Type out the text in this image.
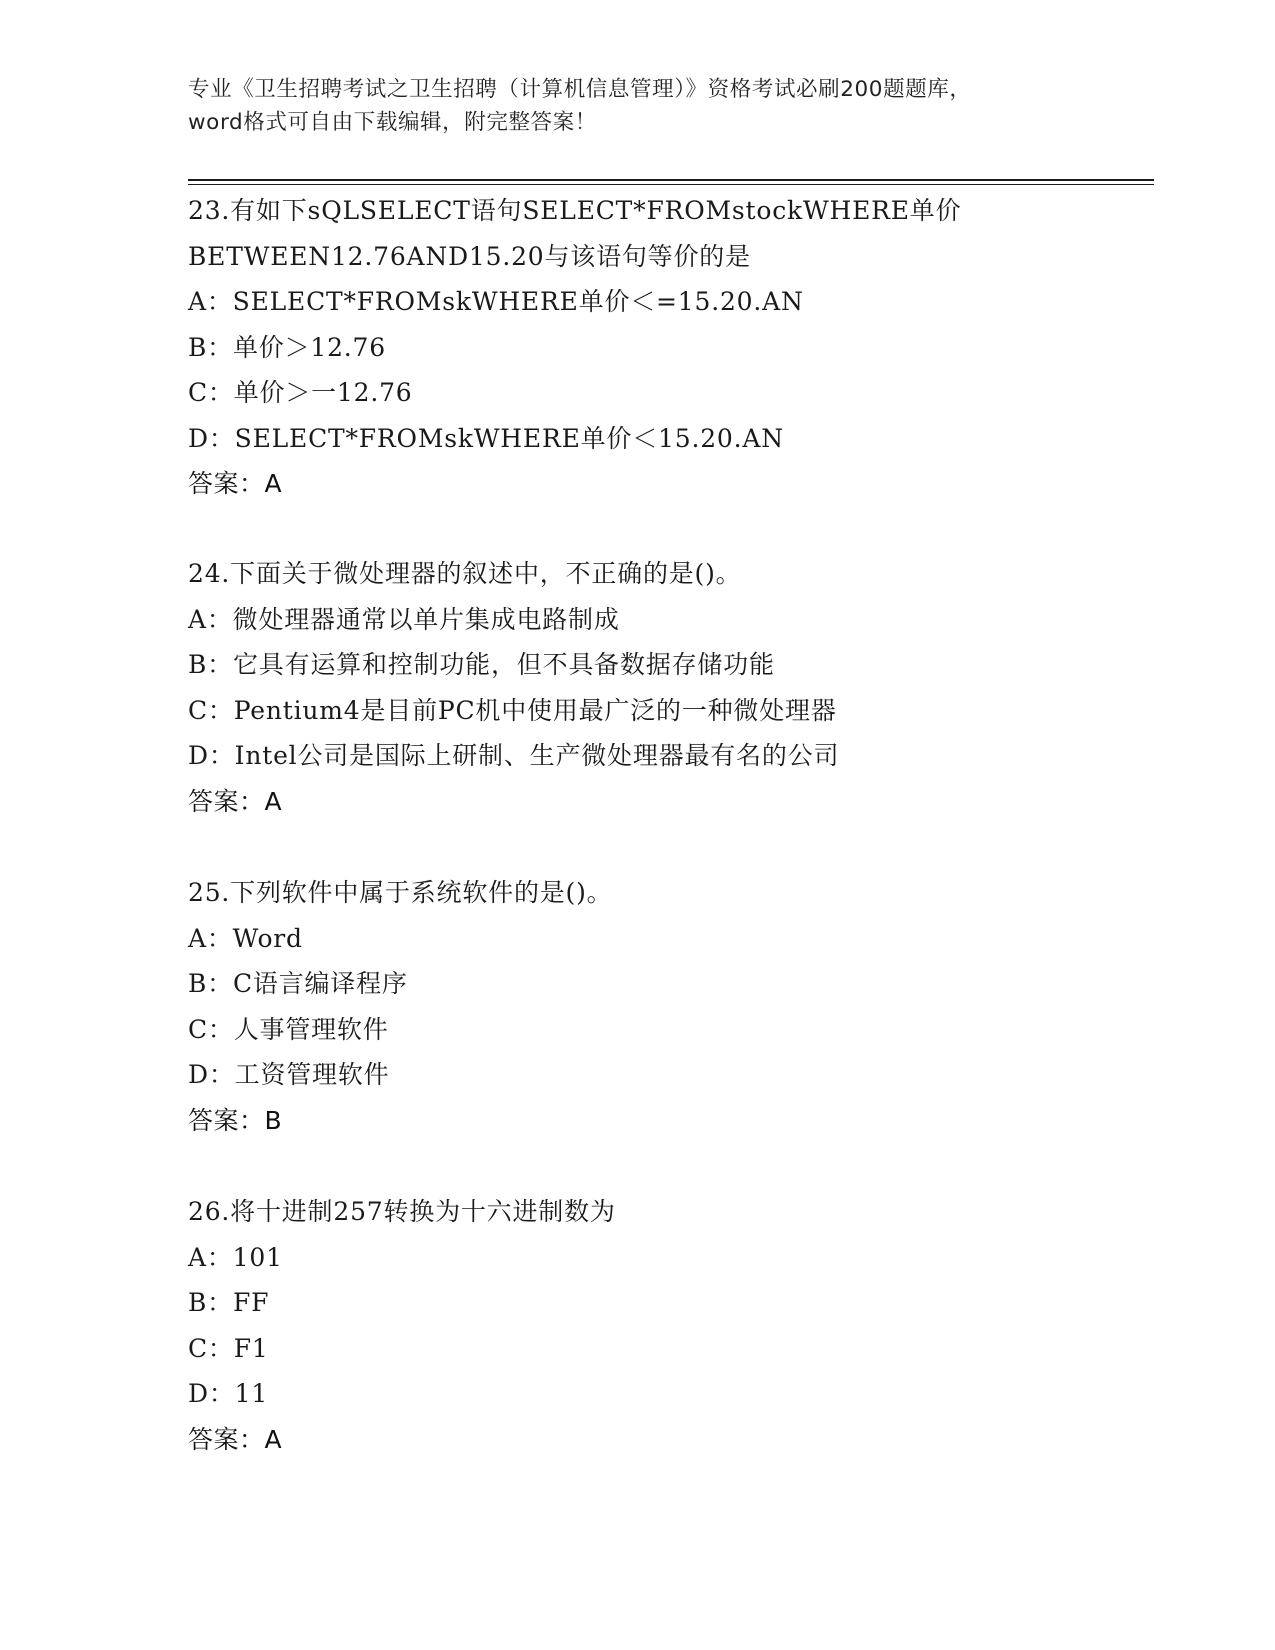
专业《卫生招聘考试之卫生招聘（计算机信息管理）》资格考试必刷200题题库，
word格式可自由下载编辑，附完整答案！
23.有如下sQLSELECT语句SELECT*FROMstockWHERE单价
BETWEEN12.76AND15.20与该语句等价的是
A：SELECT*FROMskWHERE单价＜=15.20.AN
B：单价＞12.76
C：单价＞一12.76
D：SELECT*FROMskWHERE单价＜15.20.AN
答案：A
24.下面关于微处理器的叙述中，不正确的是()。
A：微处理器通常以单片集成电路制成
B：它具有运算和控制功能，但不具备数据存储功能
C：Pentium4是目前PC机中使用最广泛的一种微处理器
D：Intel公司是国际上研制、生产微处理器最有名的公司
答案：A
25.下列软件中属于系统软件的是()。
A：Word
B：C语言编译程序
C：人事管理软件
D：工资管理软件
答案：B
26.将十进制257转换为十六进制数为
A：101
B：FF
C：F1
D：11
答案：A
